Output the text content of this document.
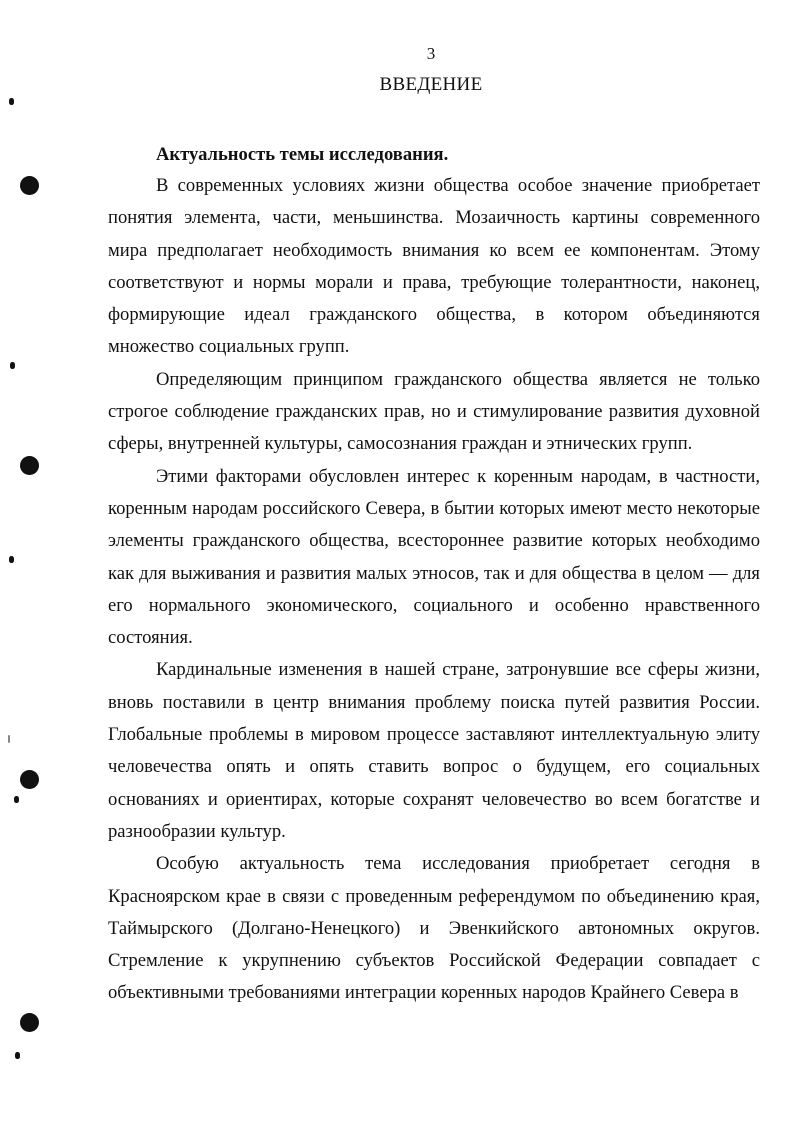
3
ВВЕДЕНИЕ

Актуальность темы исследования.

В современных условиях жизни общества особое значение приобретает понятия элемента, части, меньшинства. Мозаичность картины современного мира предполагает необходимость внимания ко всем ее компонентам. Этому соответствуют и нормы морали и права, требующие толерантности, наконец, формирующие идеал гражданского общества, в котором объединяются множество социальных групп.

Определяющим принципом гражданского общества является не только строгое соблюдение гражданских прав, но и стимулирование развития духовной сферы, внутренней культуры, самосознания граждан и этнических групп.

Этими факторами обусловлен интерес к коренным народам, в частности, коренным народам российского Севера, в бытии которых имеют место некоторые элементы гражданского общества, всестороннее развитие которых необходимо как для выживания и развития малых этносов, так и для общества в целом — для его нормального экономического, социального и особенно нравственного состояния.

Кардинальные изменения в нашей стране, затронувшие все сферы жизни, вновь поставили в центр внимания проблему поиска путей развития России. Глобальные проблемы в мировом процессе заставляют интеллектуальную элиту человечества опять и опять ставить вопрос о будущем, его социальных основаниях и ориентирах, которые сохранят человечество во всем богатстве и разнообразии культур.

Особую актуальность тема исследования приобретает сегодня в Красноярском крае в связи с проведенным референдумом по объединению края, Таймырского (Долгано-Ненецкого) и Эвенкийского автономных округов. Стремление к укрупнению субъектов Российской Федерации совпадает с объективными требованиями интеграции коренных народов Крайнего Севера в
